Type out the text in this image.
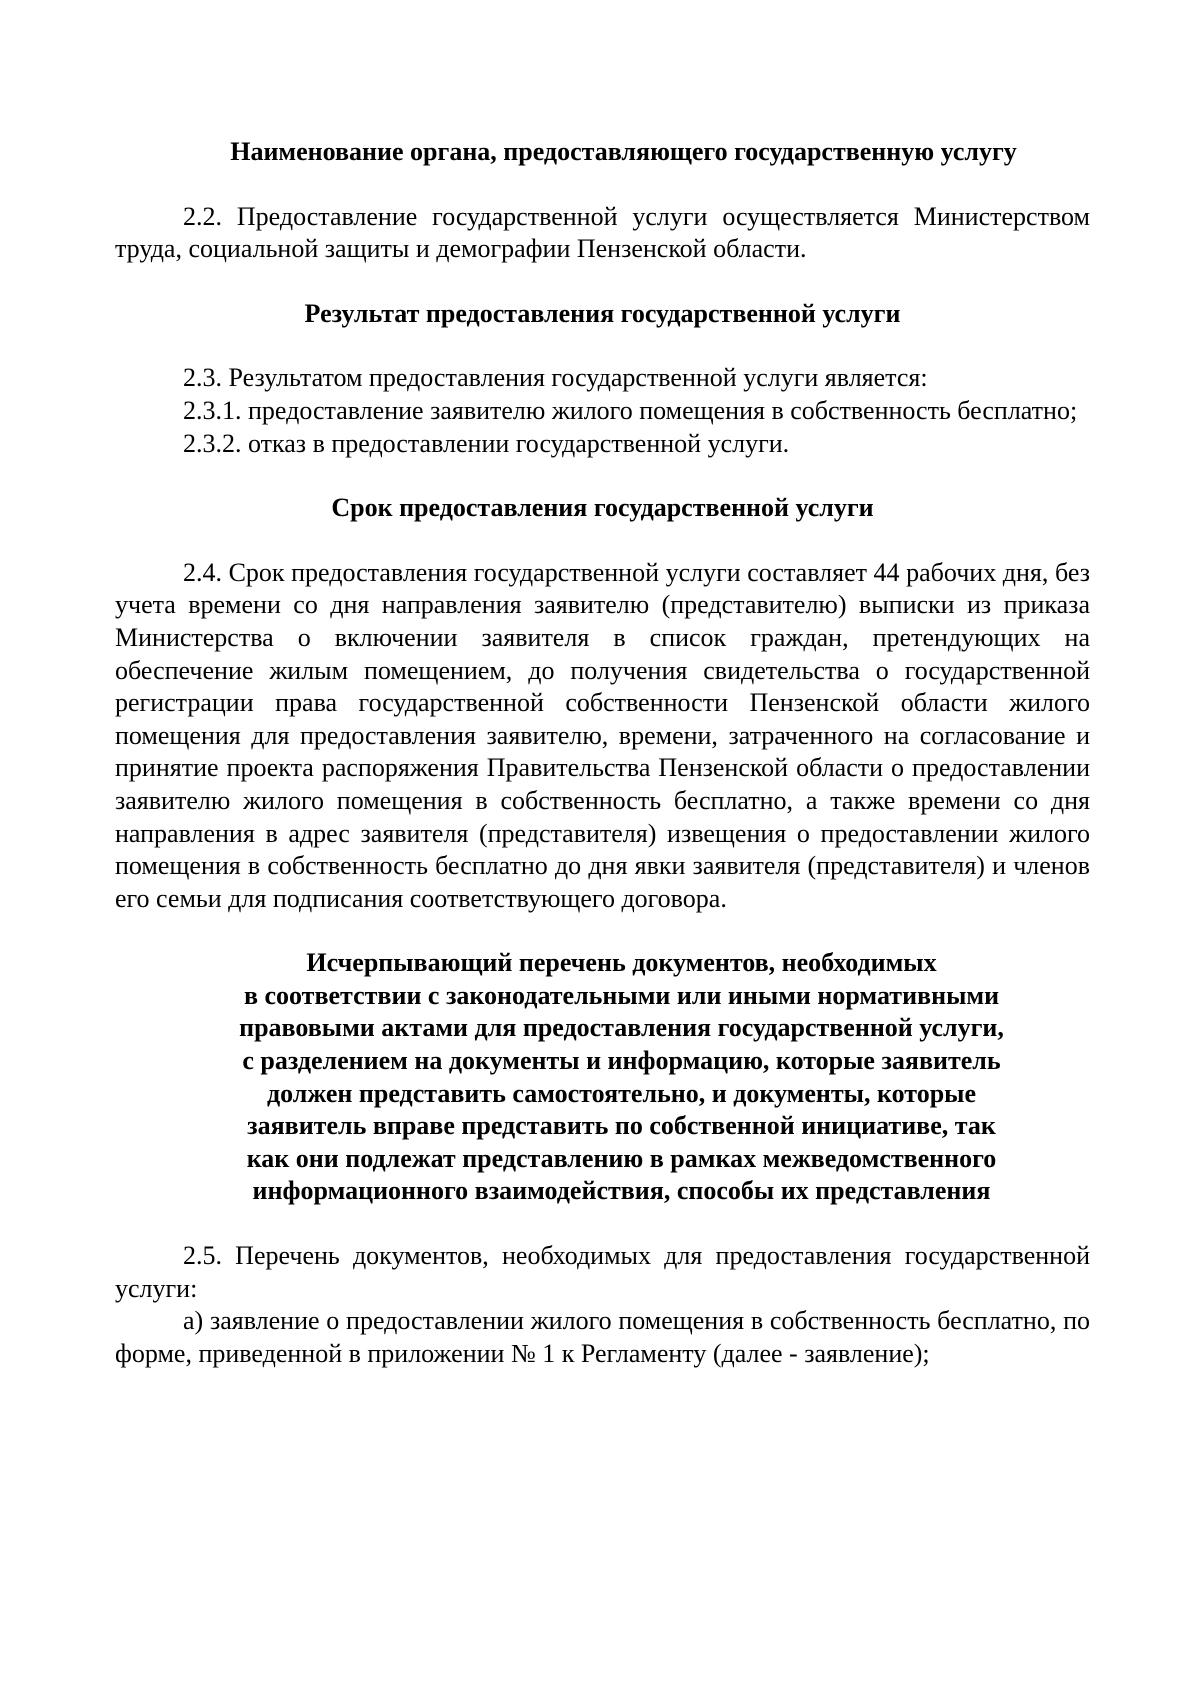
Наименование органа, предоставляющего государственную услугу

2.2. Предоставление государственной услуги осуществляется Министерством труда, социальной защиты и демографии Пензенской области.

Результат предоставления государственной услуги

2.3. Результатом предоставления государственной услуги является:

2.3.1. предоставление заявителю жилого помещения в собственность бесплатно;

2.3.2. отказ в предоставлении государственной услуги.

Срок предоставления государственной услуги

2.4. Срок предоставления государственной услуги составляет 44 рабочих дня, без учета времени со дня направления заявителю (представителю) выписки из приказа Министерства о включении заявителя в список граждан, претендующих на обеспечение жилым помещением, до получения свидетельства о государственной регистрации права государственной собственности Пензенской области жилого помещения для предоставления заявителю, времени, затраченного на согласование и принятие проекта распоряжения Правительства Пензенской области о предоставлении заявителю жилого помещения в собственность бесплатно, а также времени со дня направления в адрес заявителя (представителя) извещения о предоставлении жилого помещения в собственность бесплатно до дня явки заявителя (представителя) и членов его семьи для подписания соответствующего договора.

Исчерпывающий перечень документов, необходимых
в соответствии с законодательными или иными нормативными
правовыми актами для предоставления государственной услуги,
с разделением на документы и информацию, которые заявитель
должен представить самостоятельно, и документы, которые
заявитель вправе представить по собственной инициативе, так
как они подлежат представлению в рамках межведомственного
информационного взаимодействия, способы их представления

2.5. Перечень документов, необходимых для предоставления государственной услуги:

а) заявление о предоставлении жилого помещения в собственность бесплатно, по форме, приведенной в приложении № 1 к Регламенту (далее - заявление);
